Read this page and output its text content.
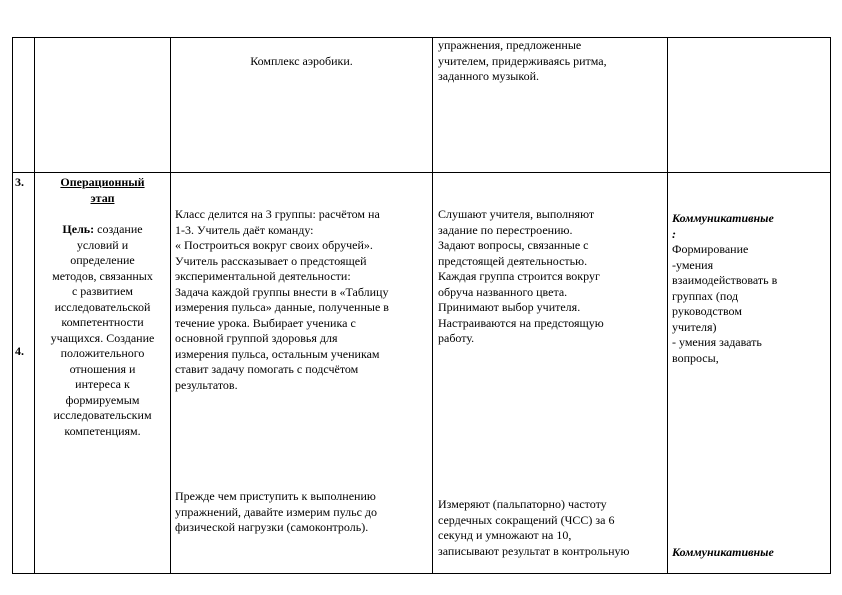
Комплекс аэробики.
упражнения, предложенные
учителем, придерживаясь ритма,
заданного музыкой.
3.
4.
Операционный
этап
Цель: создание
условий и
определение
методов, связанных
с развитием
исследовательской
компетентности
учащихся. Создание
положительного
отношения и
интереса к
формируемым
исследовательским
компетенциям.
Класс делится на 3 группы: расчётом на
1-3. Учитель даёт команду:
« Построиться вокруг своих обручей».
Учитель рассказывает о предстоящей
экспериментальной деятельности:
Задача каждой группы внести в «Таблицу
измерения пульса» данные, полученные в
течение урока. Выбирает ученика с
основной группой здоровья для
измерения пульса, остальным ученикам
ставит задачу помогать с подсчётом
результатов.
Прежде чем приступить к выполнению
упражнений, давайте измерим пульс до
физической нагрузки (самоконтроль).
Слушают учителя, выполняют
задание по перестроению.
Задают вопросы, связанные с
предстоящей деятельностью.
Каждая группа строится вокруг
обруча названного цвета.
Принимают выбор учителя.
Настраиваются на предстоящую
работу.
Измеряют (пальпаторно) частоту
сердечных сокращений (ЧСС) за 6
секунд и умножают на 10,
записывают результат в контрольную
Коммуникативные
:
Формирование
-умения
взаимодействовать в
группах (под
руководством
учителя)
- умения задавать
вопросы,
Коммуникативные
